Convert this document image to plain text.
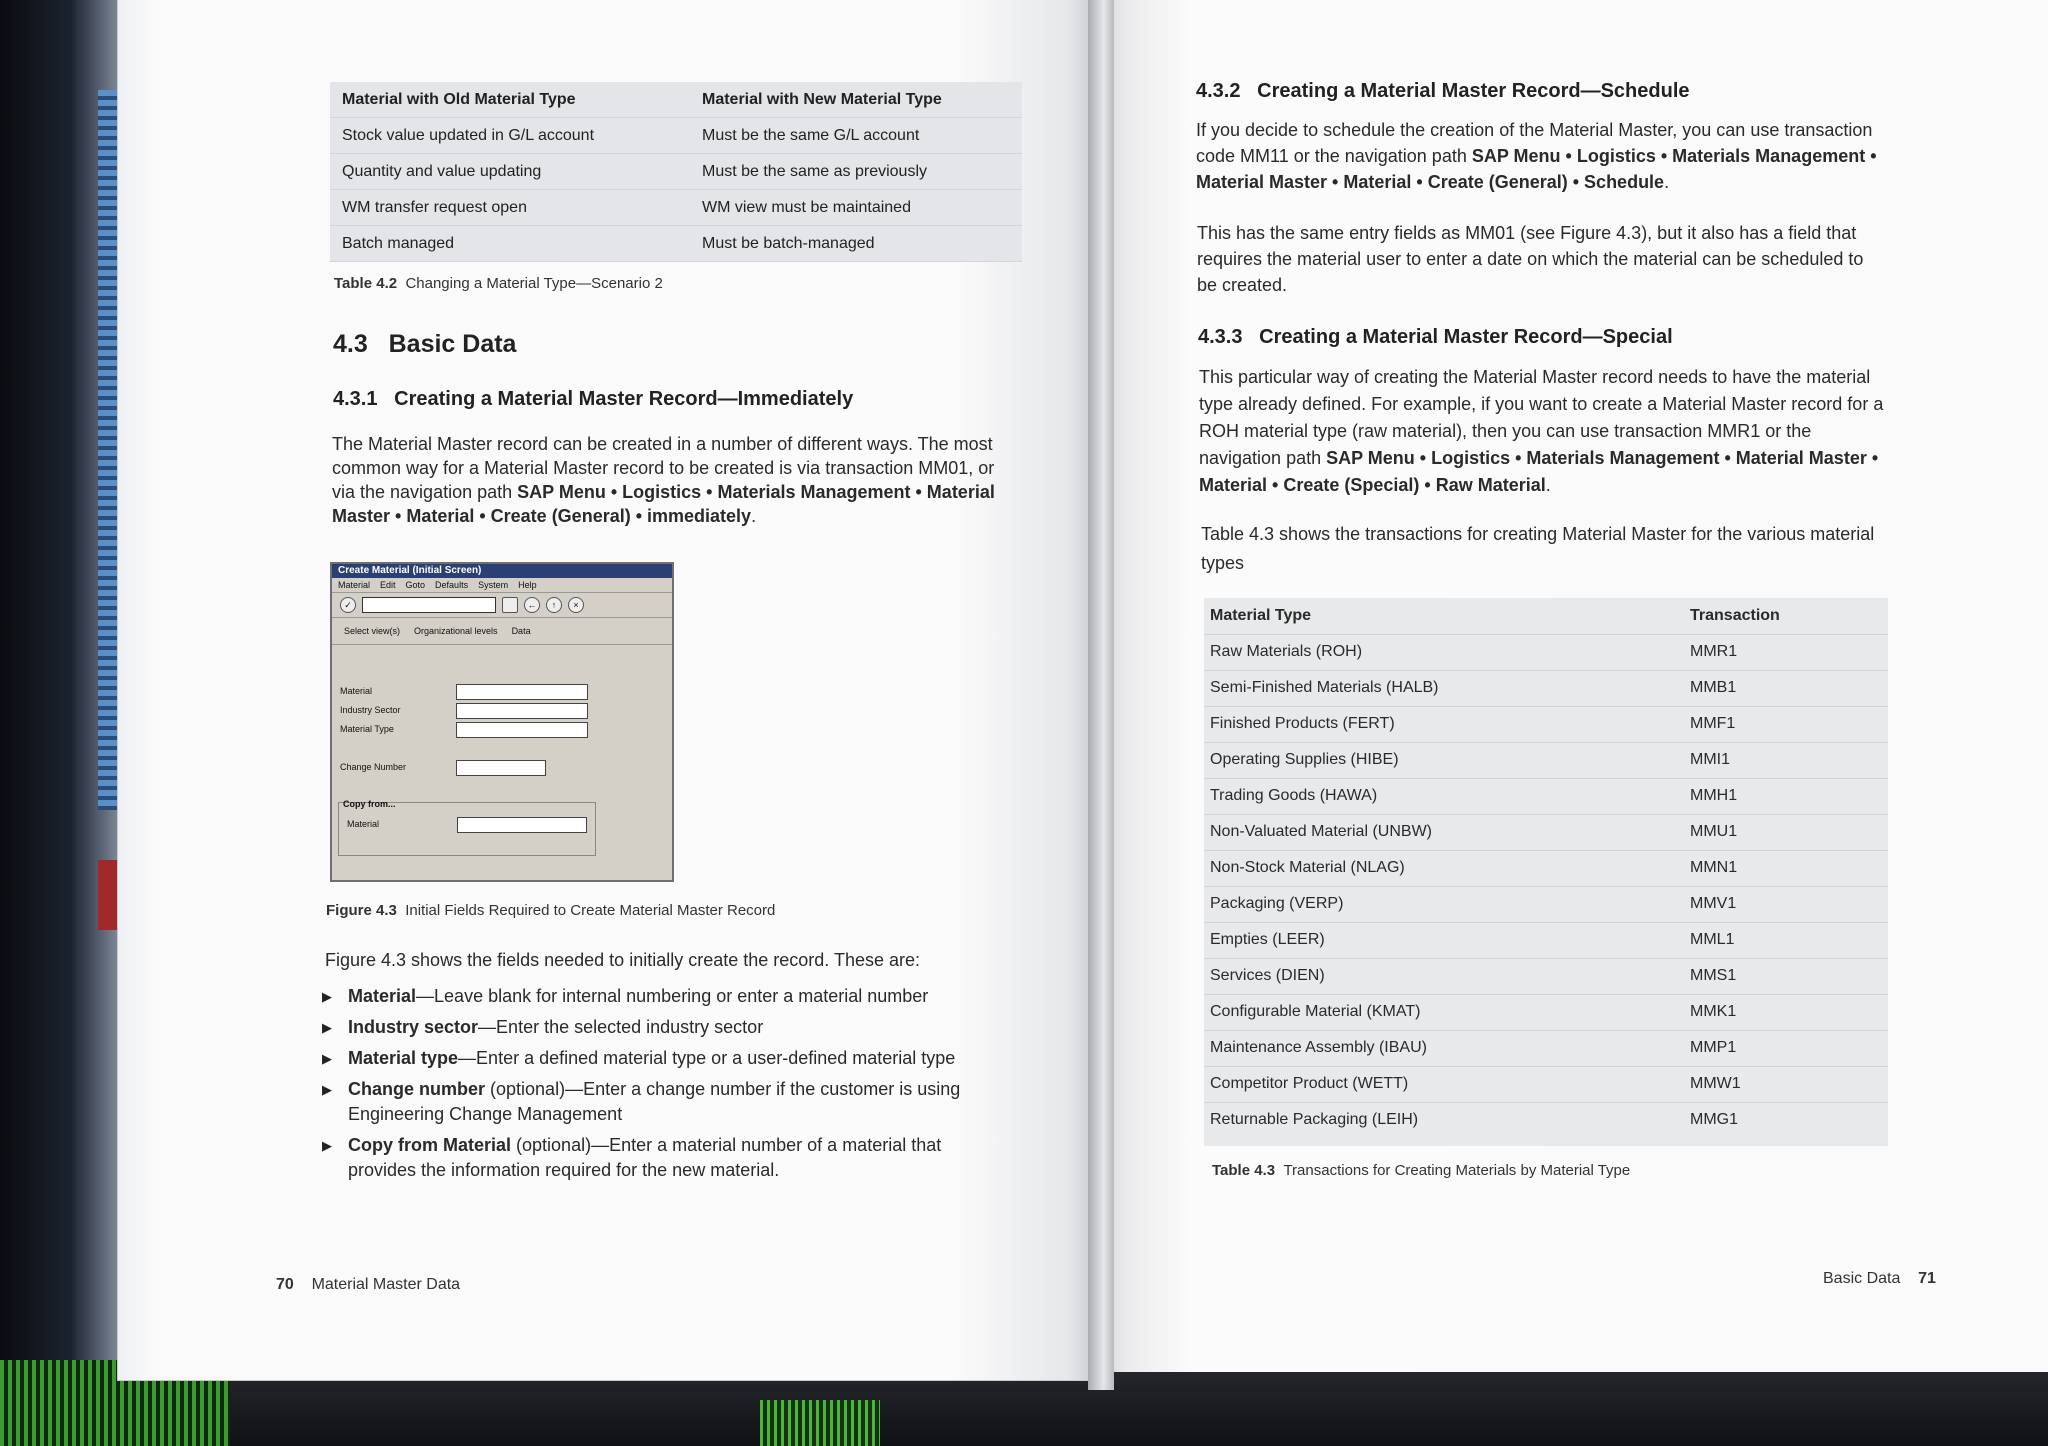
Material with Old Material Type	Material with New Material Type
Stock value updated in G/L account	Must be the same G/L account
Quantity and value updating	Must be the same as previously
WM transfer request open	WM view must be maintained
Batch managed	Must be batch-managed
Table 4.2 Changing a Material Type—Scenario 2
4.3 Basic Data
4.3.1 Creating a Material Master Record—Immediately
The Material Master record can be created in a number of different ways. The most common way for a Material Master record to be created is via transaction MM01, or via the navigation path SAP Menu • Logistics • Materials Management • Material Master • Material • Create (General) • immediately.
Create Material (Initial Screen)
Material Edit Goto Defaults System Help
✓	←	↑	×
Select view(s) Organizational levels Data
Material
Industry Sector
Material Type
Change Number
Copy from...
Material
Figure 4.3 Initial Fields Required to Create Material Master Record
Figure 4.3 shows the fields needed to initially create the record. These are:
▶ Material—Leave blank for internal numbering or enter a material number
▶ Industry sector—Enter the selected industry sector
▶ Material type—Enter a defined material type or a user-defined material type
▶ Change number (optional)—Enter a change number if the customer is using Engineering Change Management
▶ Copy from Material (optional)—Enter a material number of a material that provides the information required for the new material.
70 Material Master Data
4.3.2 Creating a Material Master Record—Schedule
If you decide to schedule the creation of the Material Master, you can use transaction code MM11 or the navigation path SAP Menu • Logistics • Materials Management • Material Master • Material • Create (General) • Schedule.
This has the same entry fields as MM01 (see Figure 4.3), but it also has a field that requires the material user to enter a date on which the material can be scheduled to be created.
4.3.3 Creating a Material Master Record—Special
This particular way of creating the Material Master record needs to have the material type already defined. For example, if you want to create a Material Master record for a ROH material type (raw material), then you can use transaction MMR1 or the navigation path SAP Menu • Logistics • Materials Management • Material Master • Material • Create (Special) • Raw Material.
Table 4.3 shows the transactions for creating Material Master for the various material types
Material Type	Transaction
Raw Materials (ROH)	MMR1
Semi-Finished Materials (HALB)	MMB1
Finished Products (FERT)	MMF1
Operating Supplies (HIBE)	MMI1
Trading Goods (HAWA)	MMH1
Non-Valuated Material (UNBW)	MMU1
Non-Stock Material (NLAG)	MMN1
Packaging (VERP)	MMV1
Empties (LEER)	MML1
Services (DIEN)	MMS1
Configurable Material (KMAT)	MMK1
Maintenance Assembly (IBAU)	MMP1
Competitor Product (WETT)	MMW1
Returnable Packaging (LEIH)	MMG1
Table 4.3 Transactions for Creating Materials by Material Type
Basic Data 71
